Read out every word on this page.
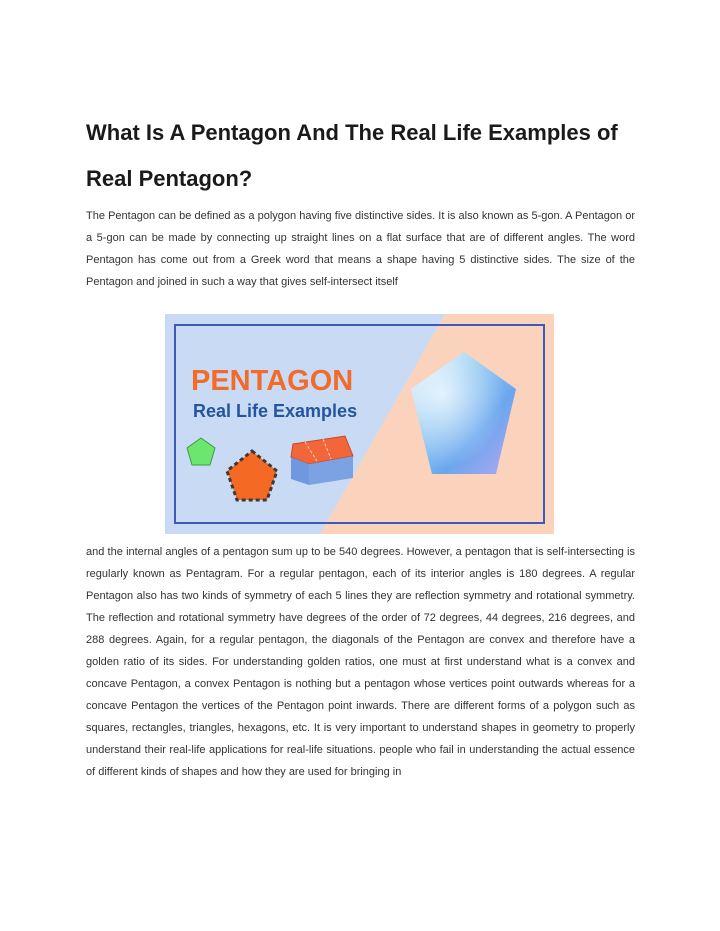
What Is A Pentagon And The Real Life Examples of Real Pentagon?

The Pentagon can be defined as a polygon having five distinctive sides. It is also known as 5-gon. A Pentagon or a 5-gon can be made by connecting up straight lines on a flat surface that are of different angles. The word Pentagon has come out from a Greek word that means a shape having 5 distinctive sides. The size of the Pentagon and joined in such a way that gives self-intersect itself

PENTAGON
Real Life Examples

and the internal angles of a pentagon sum up to be 540 degrees. However, a pentagon that is self-intersecting is regularly known as Pentagram. For a regular pentagon, each of its interior angles is 180 degrees. A regular Pentagon also has two kinds of symmetry of each 5 lines they are reflection symmetry and rotational symmetry. The reflection and rotational symmetry have degrees of the order of 72 degrees, 44 degrees, 216 degrees, and 288 degrees. Again, for a regular pentagon, the diagonals of the Pentagon are convex and therefore have a golden ratio of its sides. For understanding golden ratios, one must at first understand what is a convex and concave Pentagon, a convex Pentagon is nothing but a pentagon whose vertices point outwards whereas for a concave Pentagon the vertices of the Pentagon point inwards. There are different forms of a polygon such as squares, rectangles, triangles, hexagons, etc. It is very important to understand shapes in geometry to properly understand their real-life applications for real-life situations. people who fail in understanding the actual essence of different kinds of shapes and how they are used for bringing in
